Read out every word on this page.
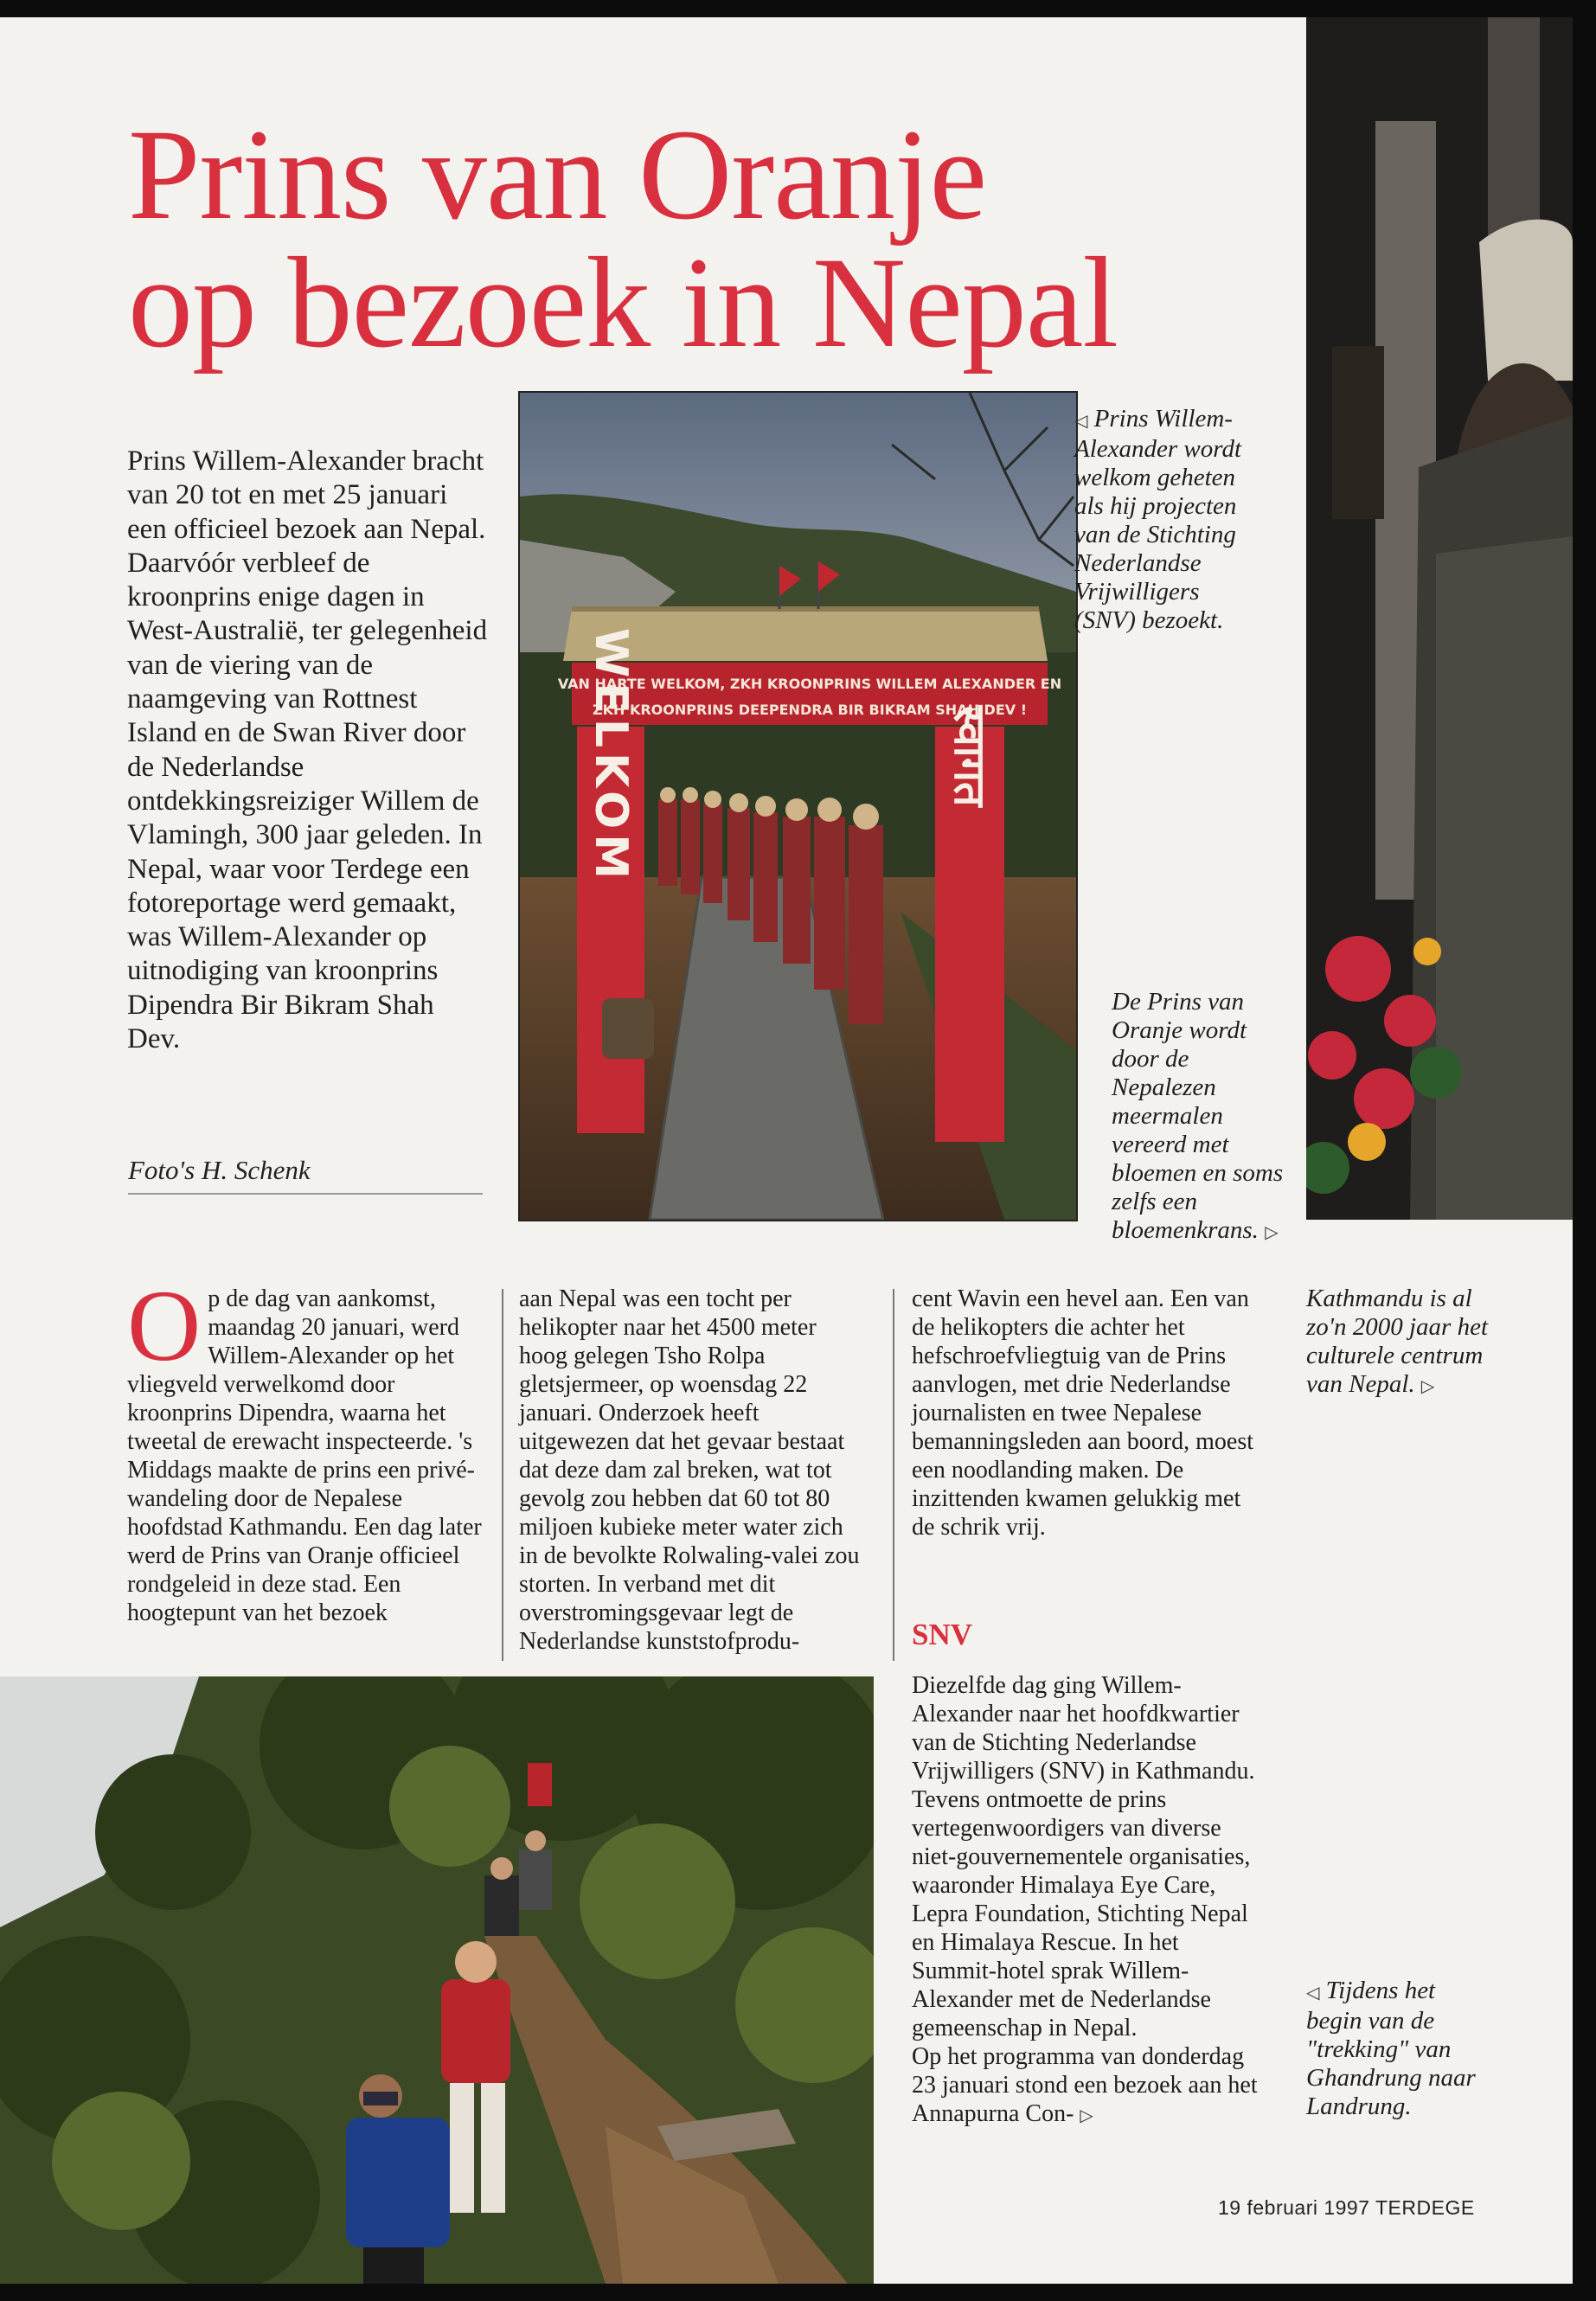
Prins van Oranje
op bezoek in Nepal

Prins Willem-Alexander bracht van 20 tot en met 25 januari een officieel bezoek aan Nepal. Daarvóór verbleef de kroonprins enige dagen in West-Australië, ter gelegenheid van de viering van de naamgeving van Rottnest Island en de Swan River door de Nederlandse ontdekkingsreiziger Willem de Vlamingh, 300 jaar geleden. In Nepal, waar voor Terdege een fotoreportage werd gemaakt, was Willem-Alexander op uitnodiging van kroonprins Dipendra Bir Bikram Shah Dev.

Foto's H. Schenk
VAN HARTE WELKOM, ZKH KROONPRINS WILLEM ALEXANDER EN
ZKH KROONPRINS DEEPENDRA BIR BIKRAM SHAH DEV !
WELKOM	स्वागत

◁ Prins Willem-Alexander wordt welkom geheten als hij projecten van de Stichting Nederlandse Vrijwilligers (SNV) bezoekt.

De Prins van Oranje wordt door de Nepalezen meermalen vereerd met bloemen en soms zelfs een bloemenkrans. ▷

O p de dag van aankomst, maandag 20 januari, werd Willem-Alexander op het vliegveld verwelkomd door kroonprins Dipendra, waarna het tweetal de erewacht inspecteerde. 's Middags maakte de prins een privé-wandeling door de Nepalese hoofdstad Kathmandu. Een dag later werd de Prins van Oranje officieel rondgeleid in deze stad. Een hoogtepunt van het bezoek

aan Nepal was een tocht per helikopter naar het 4500 meter hoog gelegen Tsho Rolpa gletsjermeer, op woensdag 22 januari. Onderzoek heeft uitgewezen dat het gevaar bestaat dat deze dam zal breken, wat tot gevolg zou hebben dat 60 tot 80 miljoen kubieke meter water zich in de bevolkte Rolwaling-valei zou storten. In verband met dit overstromingsgevaar legt de Nederlandse kunststofprodu-

cent Wavin een hevel aan. Een van de helikopters die achter het hefschroefvliegtuig van de Prins aanvlogen, met drie Nederlandse journalisten en twee Nepalese bemanningsleden aan boord, moest een noodlanding maken. De inzittenden kwamen gelukkig met de schrik vrij.

SNV

Diezelfde dag ging Willem-Alexander naar het hoofdkwartier van de Stichting Nederlandse Vrijwilligers (SNV) in Kathmandu. Tevens ontmoette de prins vertegenwoordigers van diverse niet-gouvernementele organisaties, waaronder Himalaya Eye Care, Lepra Foundation, Stichting Nepal en Himalaya Rescue. In het Summit-hotel sprak Willem-Alexander met de Nederlandse gemeenschap in Nepal.

Op het programma van donderdag 23 januari stond een bezoek aan het Annapurna Con- ▷

Kathmandu is al zo'n 2000 jaar het culturele centrum van Nepal. ▷

◁ Tijdens het begin van de "trekking" van Ghandrung naar Landrung.

19 februari 1997 TERDEGE
